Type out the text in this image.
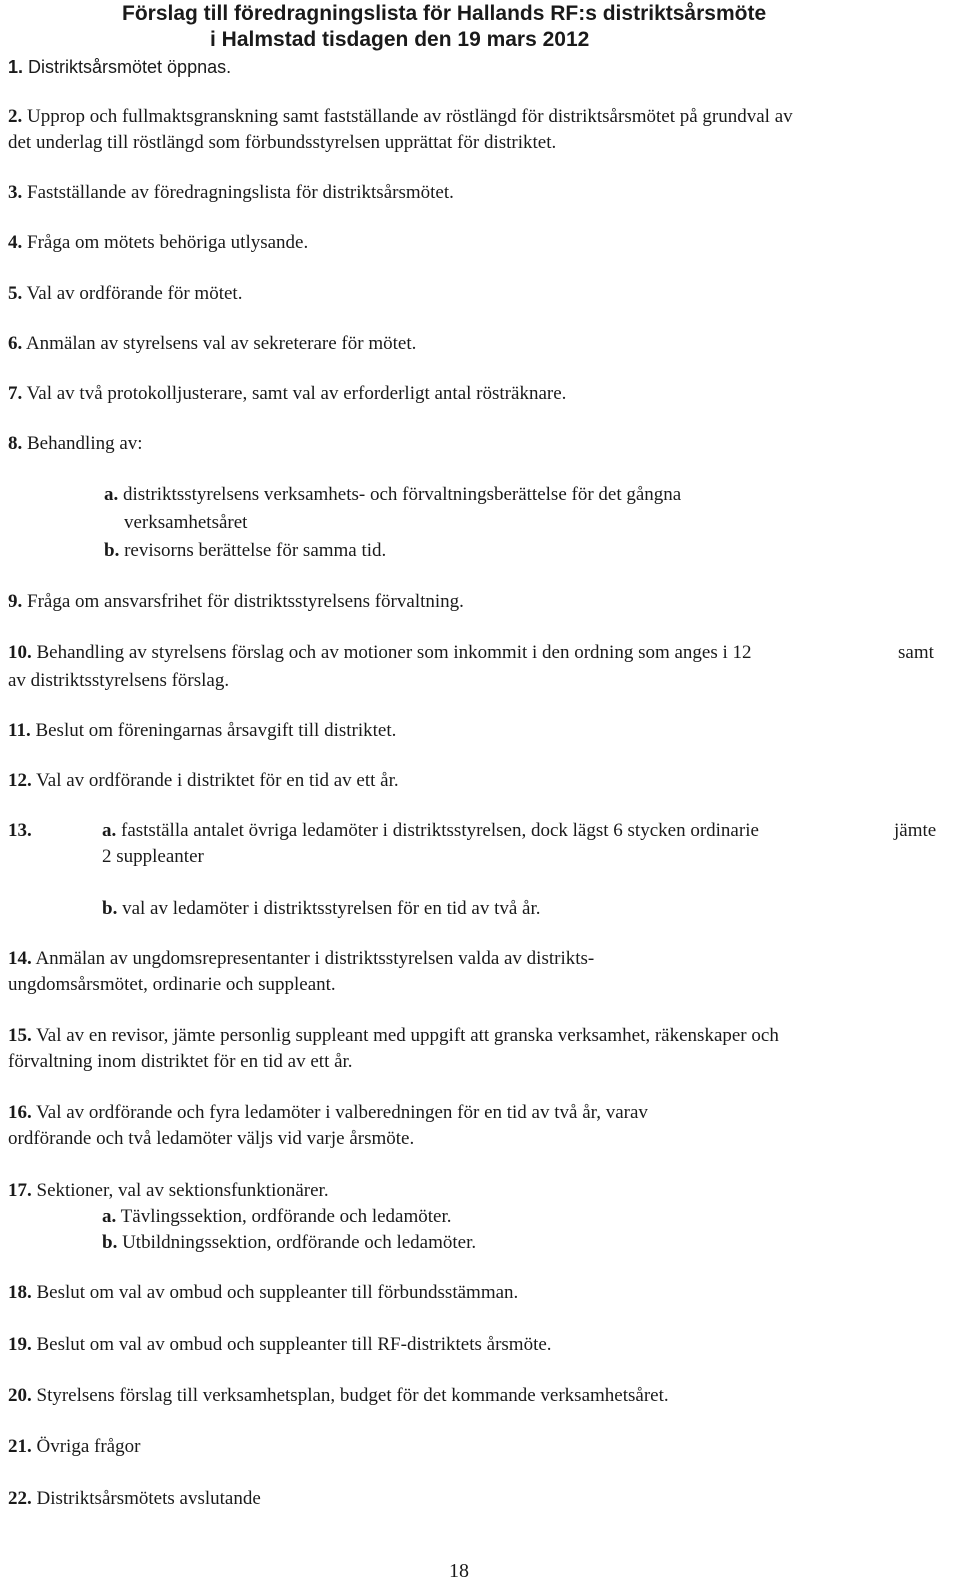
Förslag till föredragningslista för Hallands RF:s distriktsårsmöte
i Halmstad tisdagen den 19 mars 2012
1. Distriktsårsmötet öppnas.
2. Upprop och fullmaktsgranskning samt fastställande av röstlängd för distriktsårsmötet på grundval av
det underlag till röstlängd som förbundsstyrelsen upprättat för distriktet.
3. Fastställande av föredragningslista för distriktsårsmötet.
4. Fråga om mötets behöriga utlysande.
5. Val av ordförande för mötet.
6. Anmälan av styrelsens val av sekreterare för mötet.
7. Val av två protokolljusterare, samt val av erforderligt antal rösträknare.
8. Behandling av:
a. distriktsstyrelsens verksamhets- och förvaltningsberättelse för det gångna
verksamhetsåret
b. revisorns berättelse för samma tid.
9. Fråga om ansvarsfrihet för distriktsstyrelsens förvaltning.
10. Behandling av styrelsens förslag och av motioner som inkommit i den ordning som anges i 12	samt
av distriktsstyrelsens förslag.
11. Beslut om föreningarnas årsavgift till distriktet.
12. Val av ordförande i distriktet för en tid av ett år.
13.	a. fastställa antalet övriga ledamöter i distriktsstyrelsen, dock lägst 6 stycken ordinarie	jämte
2 suppleanter
b. val av ledamöter i distriktsstyrelsen för en tid av två år.
14. Anmälan av ungdomsrepresentanter i distriktsstyrelsen valda av distrikts-
ungdomsårsmötet, ordinarie och suppleant.
15. Val av en revisor, jämte personlig suppleant med uppgift att granska verksamhet, räkenskaper och
förvaltning inom distriktet för en tid av ett år.
16. Val av ordförande och fyra ledamöter i valberedningen för en tid av två år, varav
ordförande och två ledamöter väljs vid varje årsmöte.
17. Sektioner, val av sektionsfunktionärer.
a. Tävlingssektion, ordförande och ledamöter.
b. Utbildningssektion, ordförande och ledamöter.
18. Beslut om val av ombud och suppleanter till förbundsstämman.
19. Beslut om val av ombud och suppleanter till RF-distriktets årsmöte.
20. Styrelsens förslag till verksamhetsplan, budget för det kommande verksamhetsåret.
21. Övriga frågor
22. Distriktsårsmötets avslutande
18
